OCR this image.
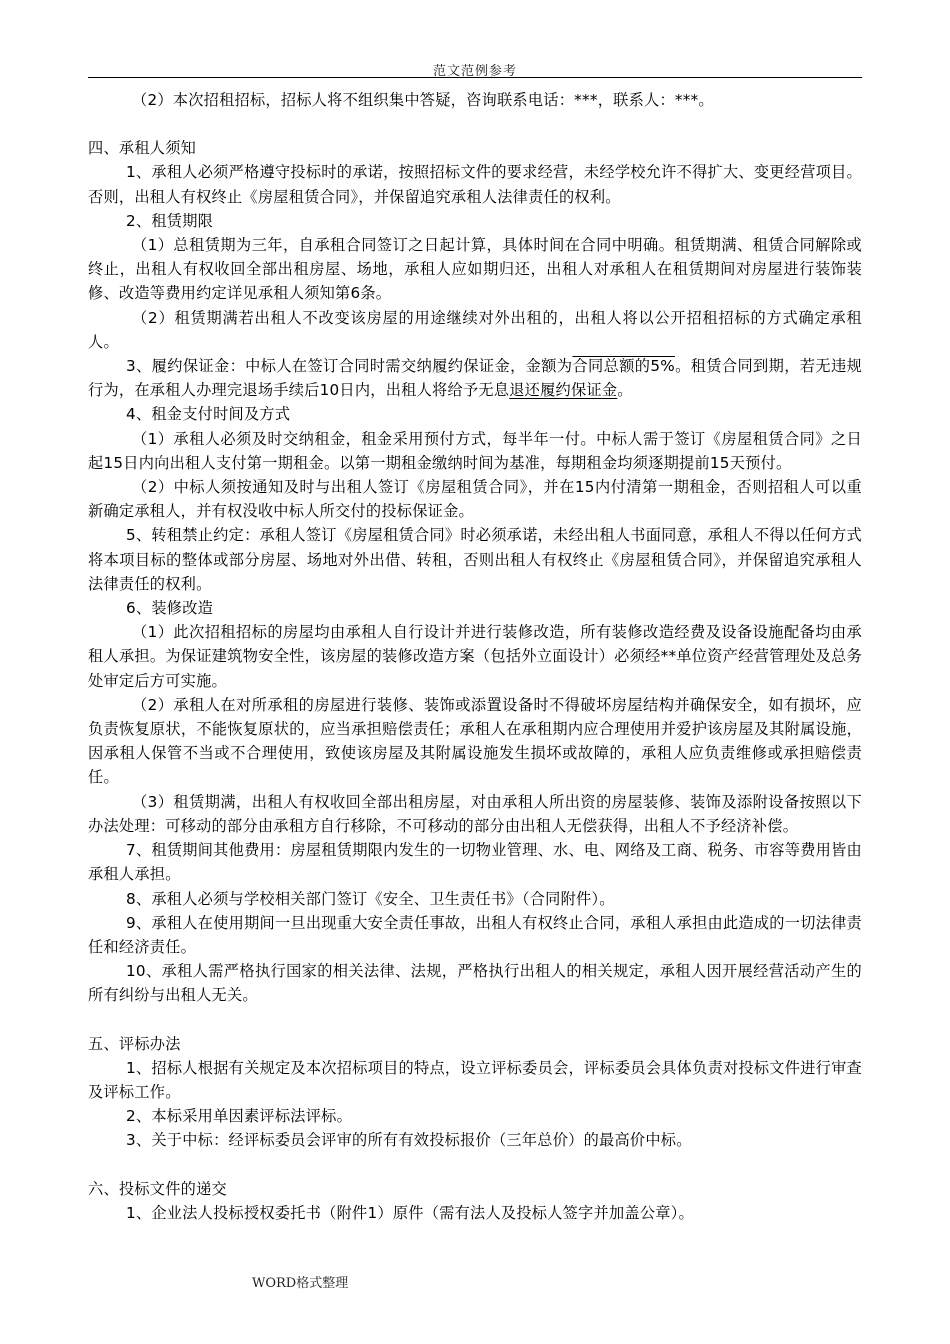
范文范例参考

（2）本次招租招标，招标人将不组织集中答疑，咨询联系电话：***，联系人：***。

四、承租人须知

1、承租人必须严格遵守投标时的承诺，按照招标文件的要求经营，未经学校允许不得扩大、变更经营项目。否则，出租人有权终止《房屋租赁合同》，并保留追究承租人法律责任的权利。

2、租赁期限

（1）总租赁期为三年，自承租合同签订之日起计算，具体时间在合同中明确。租赁期满、租赁合同解除或终止，出租人有权收回全部出租房屋、场地，承租人应如期归还，出租人对承租人在租赁期间对房屋进行装饰装修、改造等费用约定详见承租人须知第6条。

（2）租赁期满若出租人不改变该房屋的用途继续对外出租的，出租人将以公开招租招标的方式确定承租人。

3、履约保证金：中标人在签订合同时需交纳履约保证金，金额为合同总额的5%。租赁合同到期，若无违规行为，在承租人办理完退场手续后10日内，出租人将给予无息退还履约保证金。

4、租金支付时间及方式

（1）承租人必须及时交纳租金，租金采用预付方式，每半年一付。中标人需于签订《房屋租赁合同》之日起15日内向出租人支付第一期租金。以第一期租金缴纳时间为基准，每期租金均须逐期提前15天预付。

（2）中标人须按通知及时与出租人签订《房屋租赁合同》，并在15内付清第一期租金，否则招租人可以重新确定承租人，并有权没收中标人所交付的投标保证金。

5、转租禁止约定：承租人签订《房屋租赁合同》时必须承诺，未经出租人书面同意，承租人不得以任何方式将本项目标的整体或部分房屋、场地对外出借、转租，否则出租人有权终止《房屋租赁合同》，并保留追究承租人法律责任的权利。

6、装修改造

（1）此次招租招标的房屋均由承租人自行设计并进行装修改造，所有装修改造经费及设备设施配备均由承租人承担。为保证建筑物安全性，该房屋的装修改造方案（包括外立面设计）必须经**单位资产经营管理处及总务处审定后方可实施。

（2）承租人在对所承租的房屋进行装修、装饰或添置设备时不得破坏房屋结构并确保安全，如有损坏，应负责恢复原状，不能恢复原状的，应当承担赔偿责任；承租人在承租期内应合理使用并爱护该房屋及其附属设施，因承租人保管不当或不合理使用，致使该房屋及其附属设施发生损坏或故障的，承租人应负责维修或承担赔偿责任。

（3）租赁期满，出租人有权收回全部出租房屋，对由承租人所出资的房屋装修、装饰及添附设备按照以下办法处理：可移动的部分由承租方自行移除，不可移动的部分由出租人无偿获得，出租人不予经济补偿。

7、租赁期间其他费用：房屋租赁期限内发生的一切物业管理、水、电、网络及工商、税务、市容等费用皆由承租人承担。

8、承租人必须与学校相关部门签订《安全、卫生责任书》（合同附件）。

9、承租人在使用期间一旦出现重大安全责任事故，出租人有权终止合同，承租人承担由此造成的一切法律责任和经济责任。

10、承租人需严格执行国家的相关法律、法规，严格执行出租人的相关规定，承租人因开展经营活动产生的所有纠纷与出租人无关。

五、评标办法

1、招标人根据有关规定及本次招标项目的特点，设立评标委员会，评标委员会具体负责对投标文件进行审查及评标工作。

2、本标采用单因素评标法评标。

3、关于中标：经评标委员会评审的所有有效投标报价（三年总价）的最高价中标。

六、投标文件的递交

1、企业法人投标授权委托书（附件1）原件（需有法人及投标人签字并加盖公章）。

WORD格式整理
